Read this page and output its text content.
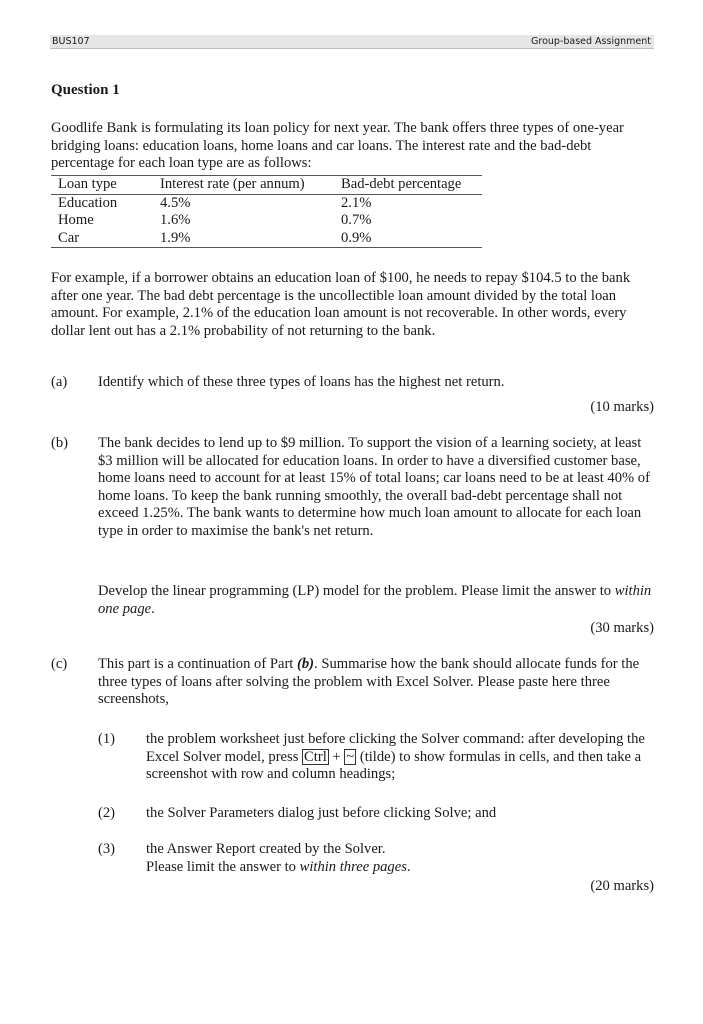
BUS107	Group-based Assignment
Question 1

Goodlife Bank is formulating its loan policy for next year. The bank offers three types of one-year bridging loans: education loans, home loans and car loans. The interest rate and the bad-debt percentage for each loan type are as follows:

Loan type	Interest rate (per annum)	Bad-debt percentage
Education	4.5%	2.1%
Home	1.6%	0.7%
Car	1.9%	0.9%

For example, if a borrower obtains an education loan of $100, he needs to repay $104.5 to the bank after one year. The bad debt percentage is the uncollectible loan amount divided by the total loan amount. For example, 2.1% of the education loan amount is not recoverable. In other words, every dollar lent out has a 2.1% probability of not returning to the bank.

(a) Identify which of these three types of loans has the highest net return.

(10 marks)
(b) The bank decides to lend up to $9 million. To support the vision of a learning society, at least $3 million will be allocated for education loans. In order to have a diversified customer base, home loans need to account for at least 15% of total loans; car loans need to be at least 40% of home loans. To keep the bank running smoothly, the overall bad-debt percentage shall not exceed 1.25%. The bank wants to determine how much loan amount to allocate for each loan type in order to maximise the bank's net return.

Develop the linear programming (LP) model for the problem. Please limit the answer to within one page.

(30 marks)
(c) This part is a continuation of Part (b). Summarise how the bank should allocate funds for the three types of loans after solving the problem with Excel Solver. Please paste here three screenshots,

(1) the problem worksheet just before clicking the Solver command: after developing the Excel Solver model, press Ctrl + ~ (tilde) to show formulas in cells, and then take a screenshot with row and column headings;

(2) the Solver Parameters dialog just before clicking Solve; and

(3) the Answer Report created by the Solver.
Please limit the answer to within three pages.

(20 marks)
